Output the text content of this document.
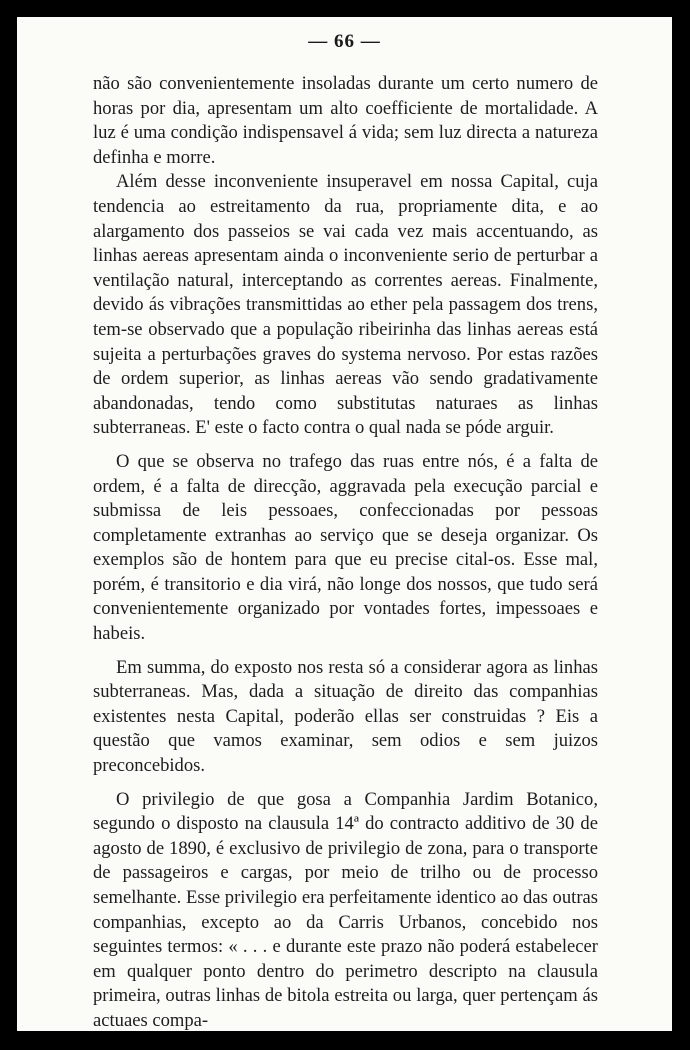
— 66 —

não são convenientemente insoladas durante um certo numero de horas por dia, apresentam um alto coefficiente de mortalidade. A luz é uma condição indispensavel á vida; sem luz directa a natureza definha e morre.

Além desse inconveniente insuperavel em nossa Capital, cuja tendencia ao estreitamento da rua, propriamente dita, e ao alargamento dos passeios se vai cada vez mais accentuando, as linhas aereas apresentam ainda o inconveniente serio de perturbar a ventilação natural, interceptando as correntes aereas. Finalmente, devido ás vibrações transmittidas ao ether pela passagem dos trens, tem-se observado que a população ribeirinha das linhas aereas está sujeita a perturbações graves do systema nervoso. Por estas razões de ordem superior, as linhas aereas vão sendo gradativamente abandonadas, tendo como substitutas naturaes as linhas subterraneas. E' este o facto contra o qual nada se póde arguir.

O que se observa no trafego das ruas entre nós, é a falta de ordem, é a falta de direcção, aggravada pela execução parcial e submissa de leis pessoaes, confeccionadas por pessoas completamente extranhas ao serviço que se deseja organizar. Os exemplos são de hontem para que eu precise cital-os. Esse mal, porém, é transitorio e dia virá, não longe dos nossos, que tudo será convenientemente organizado por vontades fortes, impessoaes e habeis.

Em summa, do exposto nos resta só a considerar agora as linhas subterraneas. Mas, dada a situação de direito das companhias existentes nesta Capital, poderão ellas ser construidas ? Eis a questão que vamos examinar, sem odios e sem juizos preconcebidos.

O privilegio de que gosa a Companhia Jardim Botanico, segundo o disposto na clausula 14ª do contracto additivo de 30 de agosto de 1890, é exclusivo de privilegio de zona, para o transporte de passageiros e cargas, por meio de trilho ou de processo semelhante. Esse privilegio era perfeitamente identico ao das outras companhias, excepto ao da Carris Urbanos, concebido nos seguintes termos: « . . . e durante este prazo não poderá estabelecer em qualquer ponto dentro do perimetro descripto na clausula primeira, outras linhas de bitola estreita ou larga, quer pertençam ás actuaes compa-
